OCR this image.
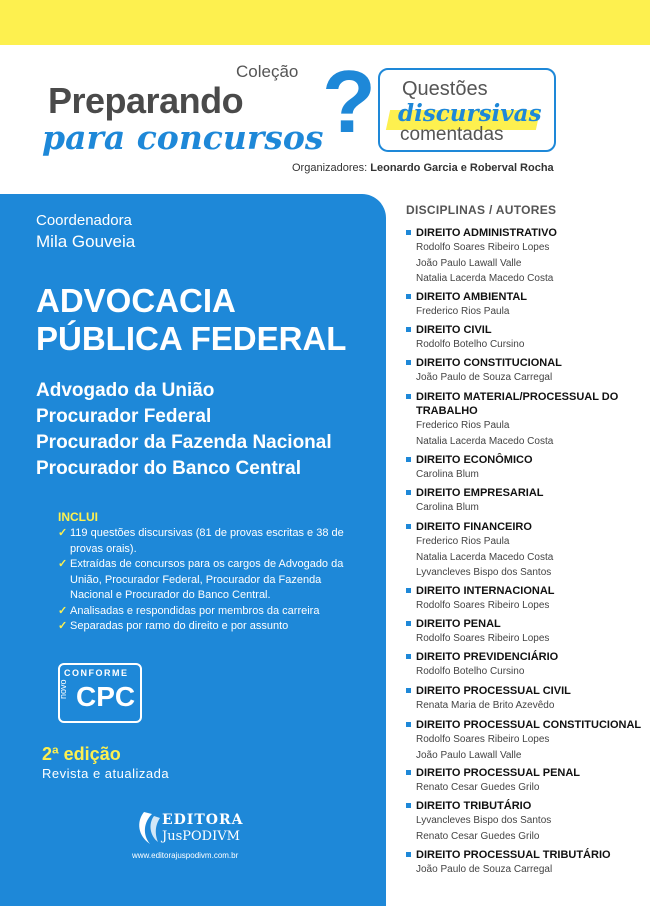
Coleção
Preparando
para concursos
? Questões
discursivas
comentadas
Organizadores: Leonardo Garcia e Roberval Rocha
Coordenadora
Mila Gouveia
ADVOCACIA
PÚBLICA FEDERAL
Advogado da União
Procurador Federal
Procurador da Fazenda Nacional
Procurador do Banco Central
INCLUI
✓ 119 questões discursivas (81 de provas escritas e 38 de provas orais).
✓ Extraídas de concursos para os cargos de Advogado da União, Procurador Federal, Procurador da Fazenda Nacional e Procurador do Banco Central.
✓ Analisadas e respondidas por membros da carreira
✓ Separadas por ramo do direito e por assunto
CONFORME
novo CPC
2ª edição
Revista e atualizada
EDITORA
JusPODIVM
www.editorajuspodivm.com.br
DISCIPLINAS / AUTORES
DIREITO ADMINISTRATIVO
Rodolfo Soares Ribeiro Lopes
João Paulo Lawall Valle
Natalia Lacerda Macedo Costa
DIREITO AMBIENTAL
Frederico Rios Paula
DIREITO CIVIL
Rodolfo Botelho Cursino
DIREITO CONSTITUCIONAL
João Paulo de Souza Carregal
DIREITO MATERIAL/PROCESSUAL DO TRABALHO
Frederico Rios Paula
Natalia Lacerda Macedo Costa
DIREITO ECONÔMICO
Carolina Blum
DIREITO EMPRESARIAL
Carolina Blum
DIREITO FINANCEIRO
Frederico Rios Paula
Natalia Lacerda Macedo Costa
Lyvancleves Bispo dos Santos
DIREITO INTERNACIONAL
Rodolfo Soares Ribeiro Lopes
DIREITO PENAL
Rodolfo Soares Ribeiro Lopes
DIREITO PREVIDENCIÁRIO
Rodolfo Botelho Cursino
DIREITO PROCESSUAL CIVIL
Renata Maria de Brito Azevêdo
DIREITO PROCESSUAL CONSTITUCIONAL
Rodolfo Soares Ribeiro Lopes
João Paulo Lawall Valle
DIREITO PROCESSUAL PENAL
Renato Cesar Guedes Grilo
DIREITO TRIBUTÁRIO
Lyvancleves Bispo dos Santos
Renato Cesar Guedes Grilo
DIREITO PROCESSUAL TRIBUTÁRIO
João Paulo de Souza Carregal
